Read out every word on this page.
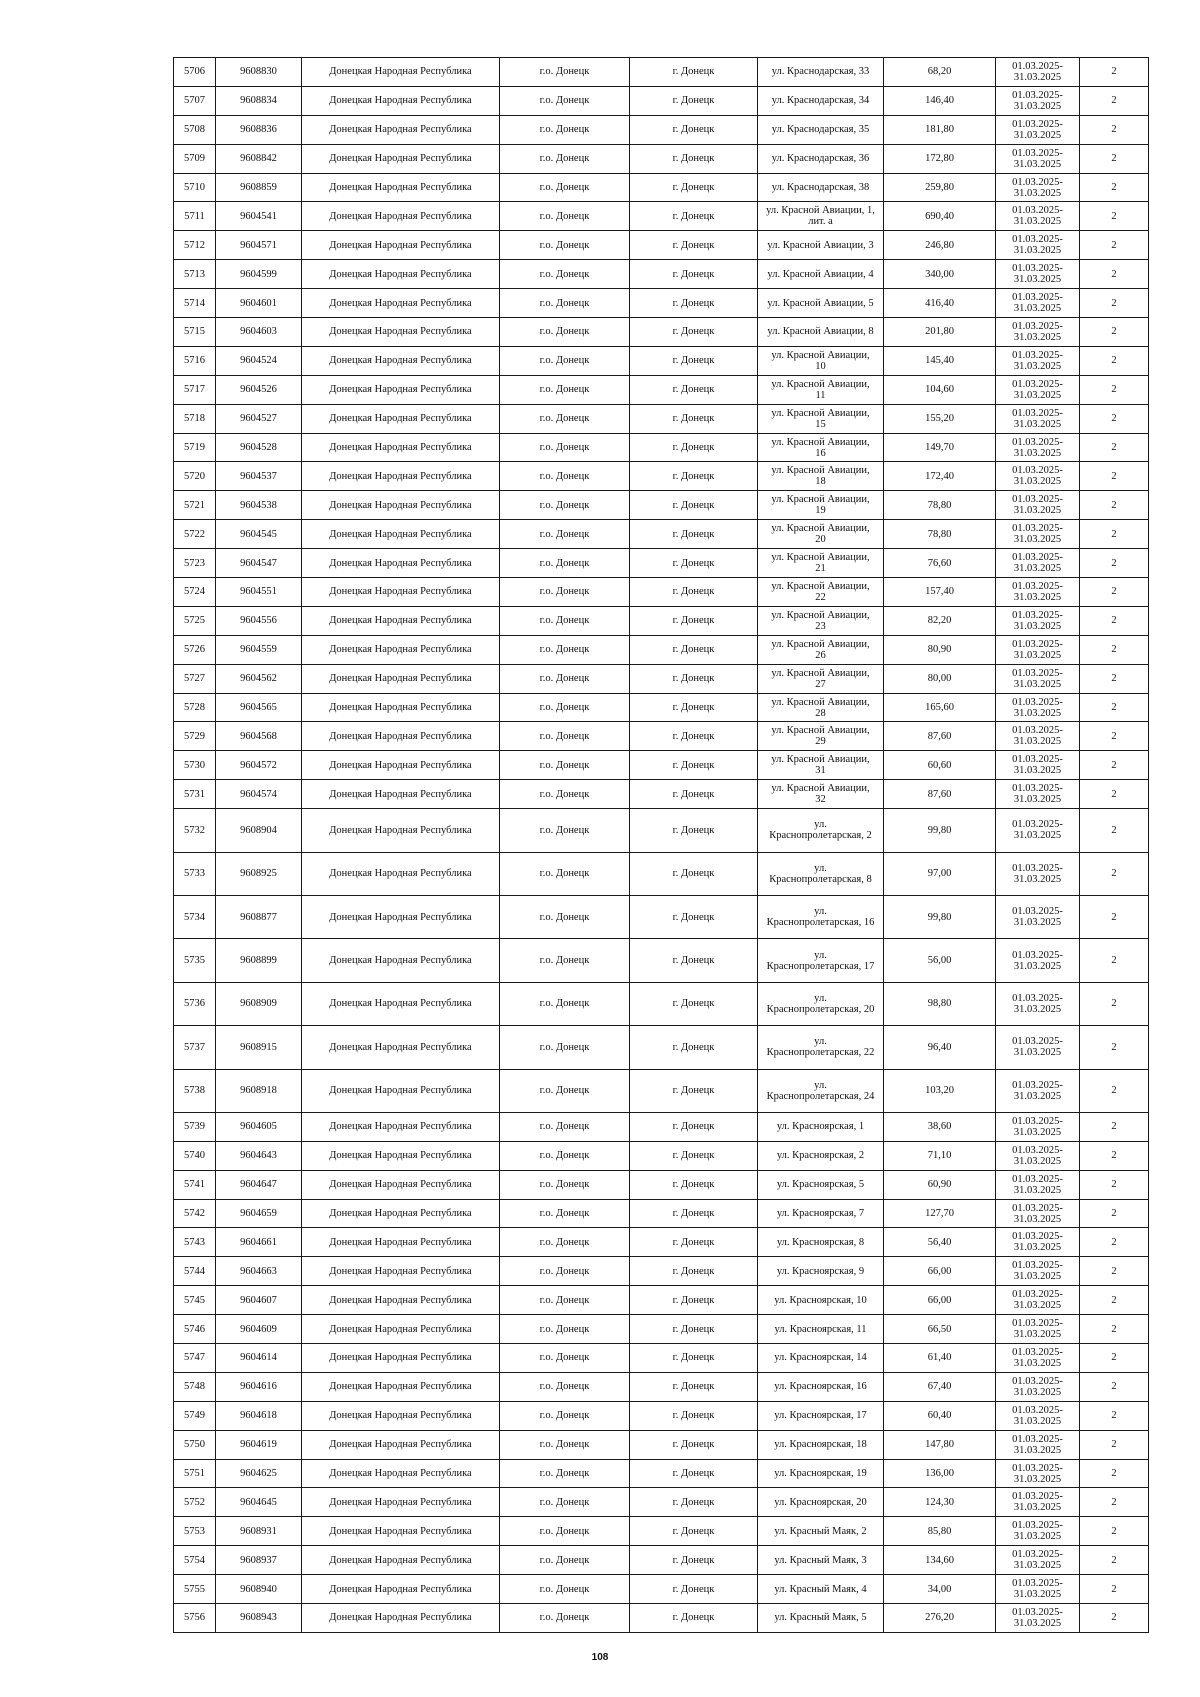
5706	9608830	Донецкая Народная Республика	г.о. Донецк	г. Донецк	ул. Краснодарская, 33	68,20	01.03.2025-
31.03.2025	2
5707	9608834	Донецкая Народная Республика	г.о. Донецк	г. Донецк	ул. Краснодарская, 34	146,40	01.03.2025-
31.03.2025	2
5708	9608836	Донецкая Народная Республика	г.о. Донецк	г. Донецк	ул. Краснодарская, 35	181,80	01.03.2025-
31.03.2025	2
5709	9608842	Донецкая Народная Республика	г.о. Донецк	г. Донецк	ул. Краснодарская, 36	172,80	01.03.2025-
31.03.2025	2
5710	9608859	Донецкая Народная Республика	г.о. Донецк	г. Донецк	ул. Краснодарская, 38	259,80	01.03.2025-
31.03.2025	2
5711	9604541	Донецкая Народная Республика	г.о. Донецк	г. Донецк	ул. Красной Авиации, 1,
лит. а	690,40	01.03.2025-
31.03.2025	2
5712	9604571	Донецкая Народная Республика	г.о. Донецк	г. Донецк	ул. Красной Авиации, 3	246,80	01.03.2025-
31.03.2025	2
5713	9604599	Донецкая Народная Республика	г.о. Донецк	г. Донецк	ул. Красной Авиации, 4	340,00	01.03.2025-
31.03.2025	2
5714	9604601	Донецкая Народная Республика	г.о. Донецк	г. Донецк	ул. Красной Авиации, 5	416,40	01.03.2025-
31.03.2025	2
5715	9604603	Донецкая Народная Республика	г.о. Донецк	г. Донецк	ул. Красной Авиации, 8	201,80	01.03.2025-
31.03.2025	2
5716	9604524	Донецкая Народная Республика	г.о. Донецк	г. Донецк	ул. Красной Авиации,
10	145,40	01.03.2025-
31.03.2025	2
5717	9604526	Донецкая Народная Республика	г.о. Донецк	г. Донецк	ул. Красной Авиации,
11	104,60	01.03.2025-
31.03.2025	2
5718	9604527	Донецкая Народная Республика	г.о. Донецк	г. Донецк	ул. Красной Авиации,
15	155,20	01.03.2025-
31.03.2025	2
5719	9604528	Донецкая Народная Республика	г.о. Донецк	г. Донецк	ул. Красной Авиации,
16	149,70	01.03.2025-
31.03.2025	2
5720	9604537	Донецкая Народная Республика	г.о. Донецк	г. Донецк	ул. Красной Авиации,
18	172,40	01.03.2025-
31.03.2025	2
5721	9604538	Донецкая Народная Республика	г.о. Донецк	г. Донецк	ул. Красной Авиации,
19	78,80	01.03.2025-
31.03.2025	2
5722	9604545	Донецкая Народная Республика	г.о. Донецк	г. Донецк	ул. Красной Авиации,
20	78,80	01.03.2025-
31.03.2025	2
5723	9604547	Донецкая Народная Республика	г.о. Донецк	г. Донецк	ул. Красной Авиации,
21	76,60	01.03.2025-
31.03.2025	2
5724	9604551	Донецкая Народная Республика	г.о. Донецк	г. Донецк	ул. Красной Авиации,
22	157,40	01.03.2025-
31.03.2025	2
5725	9604556	Донецкая Народная Республика	г.о. Донецк	г. Донецк	ул. Красной Авиации,
23	82,20	01.03.2025-
31.03.2025	2
5726	9604559	Донецкая Народная Республика	г.о. Донецк	г. Донецк	ул. Красной Авиации,
26	80,90	01.03.2025-
31.03.2025	2
5727	9604562	Донецкая Народная Республика	г.о. Донецк	г. Донецк	ул. Красной Авиации,
27	80,00	01.03.2025-
31.03.2025	2
5728	9604565	Донецкая Народная Республика	г.о. Донецк	г. Донецк	ул. Красной Авиации,
28	165,60	01.03.2025-
31.03.2025	2
5729	9604568	Донецкая Народная Республика	г.о. Донецк	г. Донецк	ул. Красной Авиации,
29	87,60	01.03.2025-
31.03.2025	2
5730	9604572	Донецкая Народная Республика	г.о. Донецк	г. Донецк	ул. Красной Авиации,
31	60,60	01.03.2025-
31.03.2025	2
5731	9604574	Донецкая Народная Республика	г.о. Донецк	г. Донецк	ул. Красной Авиации,
32	87,60	01.03.2025-
31.03.2025	2
5732	9608904	Донецкая Народная Республика	г.о. Донецк	г. Донецк	ул.
Краснопролетарская, 2	99,80	01.03.2025-
31.03.2025	2
5733	9608925	Донецкая Народная Республика	г.о. Донецк	г. Донецк	ул.
Краснопролетарская, 8	97,00	01.03.2025-
31.03.2025	2
5734	9608877	Донецкая Народная Республика	г.о. Донецк	г. Донецк	ул.
Краснопролетарская, 16	99,80	01.03.2025-
31.03.2025	2
5735	9608899	Донецкая Народная Республика	г.о. Донецк	г. Донецк	ул.
Краснопролетарская, 17	56,00	01.03.2025-
31.03.2025	2
5736	9608909	Донецкая Народная Республика	г.о. Донецк	г. Донецк	ул.
Краснопролетарская, 20	98,80	01.03.2025-
31.03.2025	2
5737	9608915	Донецкая Народная Республика	г.о. Донецк	г. Донецк	ул.
Краснопролетарская, 22	96,40	01.03.2025-
31.03.2025	2
5738	9608918	Донецкая Народная Республика	г.о. Донецк	г. Донецк	ул.
Краснопролетарская, 24	103,20	01.03.2025-
31.03.2025	2
5739	9604605	Донецкая Народная Республика	г.о. Донецк	г. Донецк	ул. Красноярская, 1	38,60	01.03.2025-
31.03.2025	2
5740	9604643	Донецкая Народная Республика	г.о. Донецк	г. Донецк	ул. Красноярская, 2	71,10	01.03.2025-
31.03.2025	2
5741	9604647	Донецкая Народная Республика	г.о. Донецк	г. Донецк	ул. Красноярская, 5	60,90	01.03.2025-
31.03.2025	2
5742	9604659	Донецкая Народная Республика	г.о. Донецк	г. Донецк	ул. Красноярская, 7	127,70	01.03.2025-
31.03.2025	2
5743	9604661	Донецкая Народная Республика	г.о. Донецк	г. Донецк	ул. Красноярская, 8	56,40	01.03.2025-
31.03.2025	2
5744	9604663	Донецкая Народная Республика	г.о. Донецк	г. Донецк	ул. Красноярская, 9	66,00	01.03.2025-
31.03.2025	2
5745	9604607	Донецкая Народная Республика	г.о. Донецк	г. Донецк	ул. Красноярская, 10	66,00	01.03.2025-
31.03.2025	2
5746	9604609	Донецкая Народная Республика	г.о. Донецк	г. Донецк	ул. Красноярская, 11	66,50	01.03.2025-
31.03.2025	2
5747	9604614	Донецкая Народная Республика	г.о. Донецк	г. Донецк	ул. Красноярская, 14	61,40	01.03.2025-
31.03.2025	2
5748	9604616	Донецкая Народная Республика	г.о. Донецк	г. Донецк	ул. Красноярская, 16	67,40	01.03.2025-
31.03.2025	2
5749	9604618	Донецкая Народная Республика	г.о. Донецк	г. Донецк	ул. Красноярская, 17	60,40	01.03.2025-
31.03.2025	2
5750	9604619	Донецкая Народная Республика	г.о. Донецк	г. Донецк	ул. Красноярская, 18	147,80	01.03.2025-
31.03.2025	2
5751	9604625	Донецкая Народная Республика	г.о. Донецк	г. Донецк	ул. Красноярская, 19	136,00	01.03.2025-
31.03.2025	2
5752	9604645	Донецкая Народная Республика	г.о. Донецк	г. Донецк	ул. Красноярская, 20	124,30	01.03.2025-
31.03.2025	2
5753	9608931	Донецкая Народная Республика	г.о. Донецк	г. Донецк	ул. Красный Маяк, 2	85,80	01.03.2025-
31.03.2025	2
5754	9608937	Донецкая Народная Республика	г.о. Донецк	г. Донецк	ул. Красный Маяк, 3	134,60	01.03.2025-
31.03.2025	2
5755	9608940	Донецкая Народная Республика	г.о. Донецк	г. Донецк	ул. Красный Маяк, 4	34,00	01.03.2025-
31.03.2025	2
5756	9608943	Донецкая Народная Республика	г.о. Донецк	г. Донецк	ул. Красный Маяк, 5	276,20	01.03.2025-
31.03.2025	2
108
